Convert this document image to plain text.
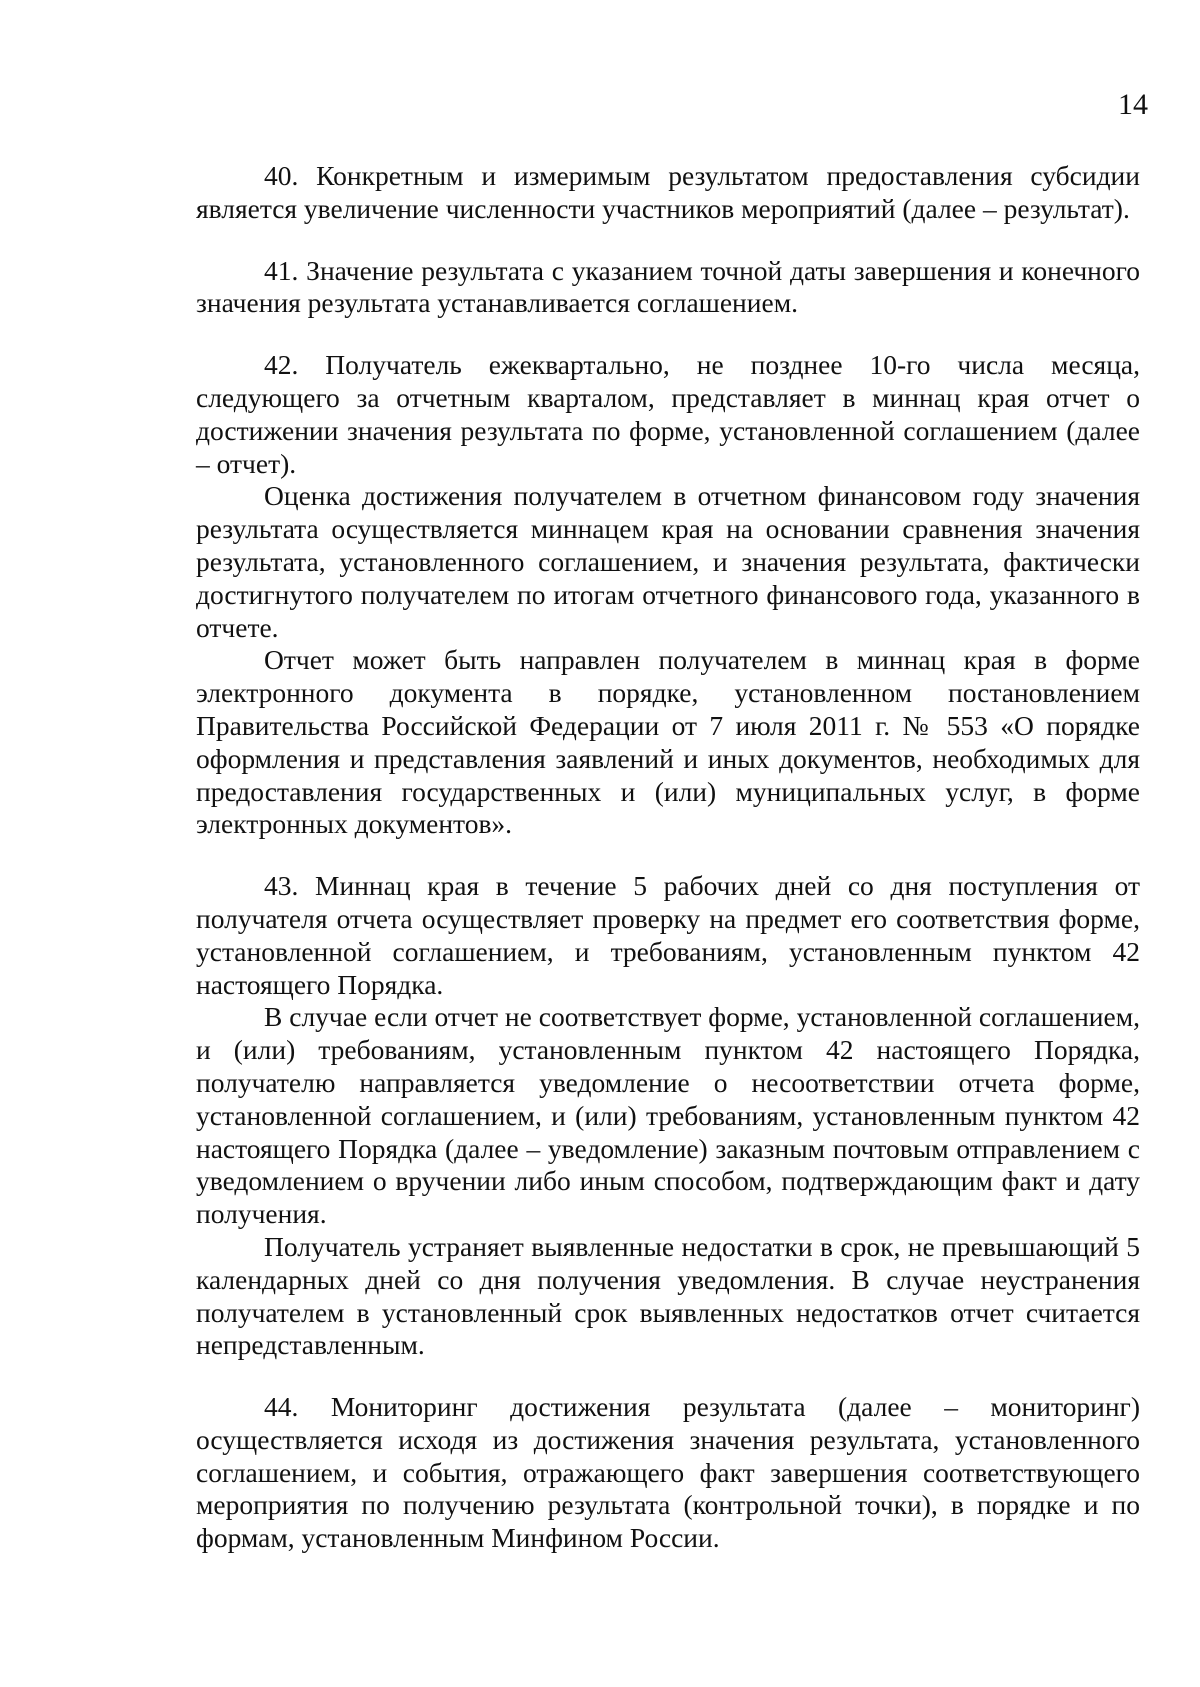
14

40. Конкретным и измеримым результатом предоставления субсидии является увеличение численности участников мероприятий (далее – результат).

41. Значение результата с указанием точной даты завершения и конечного значения результата устанавливается соглашением.

42. Получатель ежеквартально, не позднее 10-го числа месяца, следующего за отчетным кварталом, представляет в миннац края отчет о достижении значения результата по форме, установленной соглашением (далее – отчет).

Оценка достижения получателем в отчетном финансовом году значения результата осуществляется миннацем края на основании сравнения значения результата, установленного соглашением, и значения результата, фактически достигнутого получателем по итогам отчетного финансового года, указанного в отчете.

Отчет может быть направлен получателем в миннац края в форме электронного документа в порядке, установленном постановлением Правительства Российской Федерации от 7 июля 2011 г. № 553 «О порядке оформления и представления заявлений и иных документов, необходимых для предоставления государственных и (или) муниципальных услуг, в форме электронных документов».

43. Миннац края в течение 5 рабочих дней со дня поступления от получателя отчета осуществляет проверку на предмет его соответствия форме, установленной соглашением, и требованиям, установленным пунктом 42 настоящего Порядка.

В случае если отчет не соответствует форме, установленной соглашением, и (или) требованиям, установленным пунктом 42 настоящего Порядка, получателю направляется уведомление о несоответствии отчета форме, установленной соглашением, и (или) требованиям, установленным пунктом 42 настоящего Порядка (далее – уведомление) заказным почтовым отправлением с уведомлением о вручении либо иным способом, подтверждающим факт и дату получения.

Получатель устраняет выявленные недостатки в срок, не превышающий 5 календарных дней со дня получения уведомления. В случае неустранения получателем в установленный срок выявленных недостатков отчет считается непредставленным.

44. Мониторинг достижения результата (далее – мониторинг) осуществляется исходя из достижения значения результата, установленного соглашением, и события, отражающего факт завершения соответствующего мероприятия по получению результата (контрольной точки), в порядке и по формам, установленным Минфином России.
